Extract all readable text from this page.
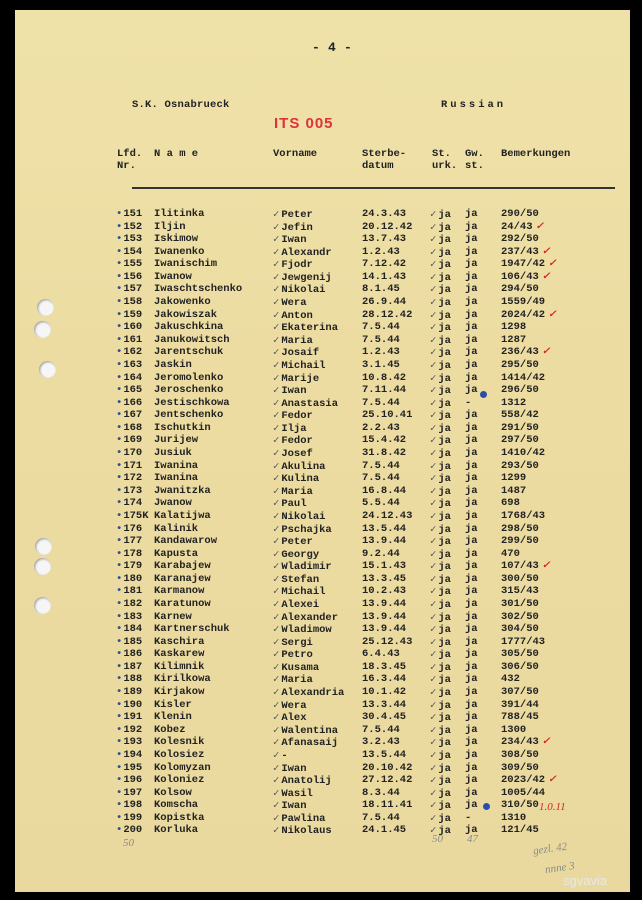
- 4 -
S.K. Osnabrueck	Russian
ITS 005
Lfd.
Nr.
N a m e	Vorname	Sterbe-
datum
St.
urk.
Gw.
st.
Bemerkungen
• 151 Ilitinka	✓ Peter	24.3.43	✓ ja ja 290/50
• 152 Iljin	✓ Jefin	20.12.42	✓ ja ja 24/43 ✓
• 153 Iskimow	✓ Iwan	13.7.43	✓ ja ja 292/50
• 154 Iwanenko	✓ Alexandr	1.2.43	✓ ja ja 237/43 ✓
• 155 Iwanischim	✓ Fjodr	7.12.42	✓ ja ja 1947/42 ✓
• 156 Iwanow	✓ Jewgenij	14.1.43	✓ ja ja 106/43 ✓
• 157 Iwaschtschenko	✓ Nikolai	8.1.45	✓ ja ja 294/50
• 158 Jakowenko	✓ Wera	26.9.44	✓ ja ja 1559/49
• 159 Jakowiszak	✓ Anton	28.12.42	✓ ja ja 2024/42 ✓
• 160 Jakuschkina	✓ Ekaterina 7.5.44	✓ ja ja 1298
• 161 Janukowitsch	✓ Maria	7.5.44	✓ ja ja 1287
• 162 Jarentschuk	✓ Josaif	1.2.43	✓ ja ja 236/43 ✓
• 163 Jaskin	✓ Michail	3.1.45	✓ ja ja 295/50
• 164 Jeromolenko	✓ Marije	10.8.42	✓ ja ja 1414/42
• 165 Jeroschenko	✓ Iwan	7.11.44	✓ ja ja 296/50
• 166 Jestischkowa	✓ Anastasia 7.5.44	✓ ja -	1312
• 167 Jentschenko	✓ Fedor	25.10.41	✓ ja ja 558/42
• 168 Ischutkin	✓ Ilja	2.2.43	✓ ja ja 291/50
• 169 Jurijew	✓ Fedor	15.4.42	✓ ja ja 297/50
• 170 Jusiuk	✓ Josef	31.8.42	✓ ja ja 1410/42
• 171 Iwanina	✓ Akulina	7.5.44	✓ ja ja 293/50
• 172 Iwanina	✓ Kulina	7.5.44	✓ ja ja 1299
• 173 Jwanitzka	✓ Maria	16.8.44	✓ ja ja 1487
• 174 Jwanow	✓ Paul	5.5.44	✓ ja ja 698
• 175K Kalatijwa	✓ Nikolai	24.12.43	✓ ja ja 1768/43
• 176 Kalinik	✓ Pschajka	13.5.44	✓ ja ja 298/50
• 177 Kandawarow	✓ Peter	13.9.44	✓ ja ja 299/50
• 178 Kapusta	✓ Georgy	9.2.44	✓ ja ja 470
• 179 Karabajew	✓ Wladimir	15.1.43	✓ ja ja 107/43 ✓
• 180 Karanajew	✓ Stefan	13.3.45	✓ ja ja 300/50
• 181 Karmanow	✓ Michail	10.2.43	✓ ja ja 315/43
• 182 Karatunow	✓ Alexei	13.9.44	✓ ja ja 301/50
• 183 Karnew	✓ Alexander 13.9.44	✓ ja ja 302/50
• 184 Kartnerschuk	✓ Wladimow	13.9.44	✓ ja ja 304/50
• 185 Kaschira	✓ Sergi	25.12.43	✓ ja ja 1777/43
• 186 Kaskarew	✓ Petro	6.4.43	✓ ja ja 305/50
• 187 Kilimnik	✓ Kusama	18.3.45	✓ ja ja 306/50
• 188 Kirilkowa	✓ Maria	16.3.44	✓ ja ja 432
• 189 Kirjakow	✓ Alexandria 10.1.42	✓ ja ja 307/50
• 190 Kisler	✓ Wera	13.3.44	✓ ja ja 391/44
• 191 Klenin	✓ Alex	30.4.45	✓ ja ja 788/45
• 192 Kobez	✓ Walentina 7.5.44	✓ ja ja 1300
• 193 Kolesnik	✓ Afanasaij 3.2.43	✓ ja ja 234/43 ✓
• 194 Kolosiez	✓ -	13.5.44	✓ ja ja 308/50
• 195 Kolomyzan	✓ Iwan	20.10.42	✓ ja ja 309/50
• 196 Koloniez	✓ Anatolij	27.12.42	✓ ja ja 2023/42 ✓
• 197 Kolsow	✓ Wasil	8.3.44	✓ ja ja 1005/44
• 198 Komscha	✓ Iwan	18.11.41	✓ ja ja 310/50
• 199 Kopistka	✓ Pawlina	7.5.44	✓ ja -	1310
• 200 Korluka	✓ Nikolaus	24.1.45	✓ ja ja 121/45
50	50 47
gezl. 42
nnne 3
1.0.11
sgvavia
